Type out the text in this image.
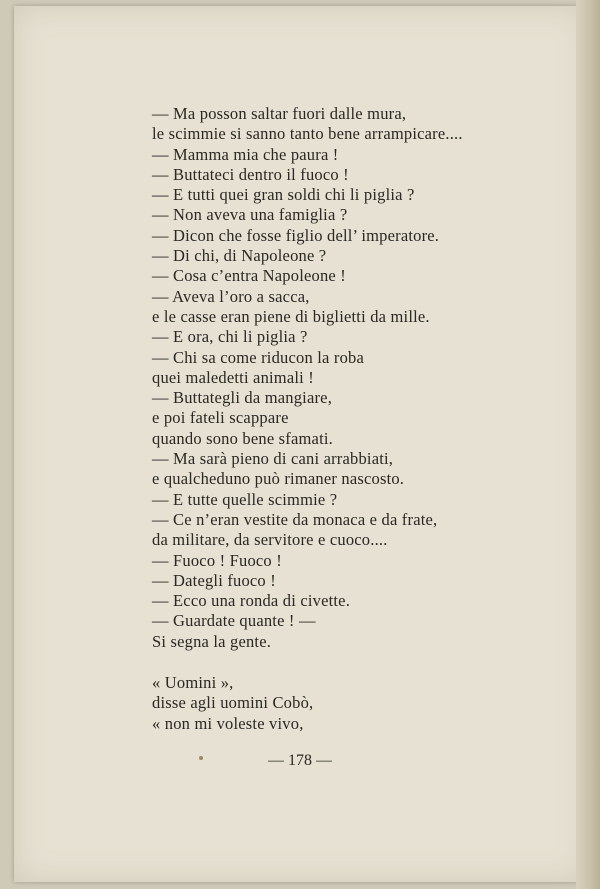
— Ma posson saltar fuori dalle mura,
le scimmie si sanno tanto bene arrampicare....
— Mamma mia che paura !
— Buttateci dentro il fuoco !
— E tutti quei gran soldi chi li piglia ?
— Non aveva una famiglia ?
— Dicon che fosse figlio dell’ imperatore.
— Di chi, di Napoleone ?
— Cosa c’entra Napoleone !
— Aveva l’oro a sacca,
e le casse eran piene di biglietti da mille.
— E ora, chi li piglia ?
— Chi sa come riducon la roba
quei maledetti animali !
— Buttategli da mangiare,
e poi fateli scappare
quando sono bene sfamati.
— Ma sarà pieno di cani arrabbiati,
e qualcheduno può rimaner nascosto.
— E tutte quelle scimmie ?
— Ce n’eran vestite da monaca e da frate,
da militare, da servitore e cuoco....
— Fuoco ! Fuoco !
— Dategli fuoco !
— Ecco una ronda di civette.
— Guardate quante ! —
Si segna la gente.
« Uomini »,
disse agli uomini Cobò,
« non mi voleste vivo,
— 178 —
